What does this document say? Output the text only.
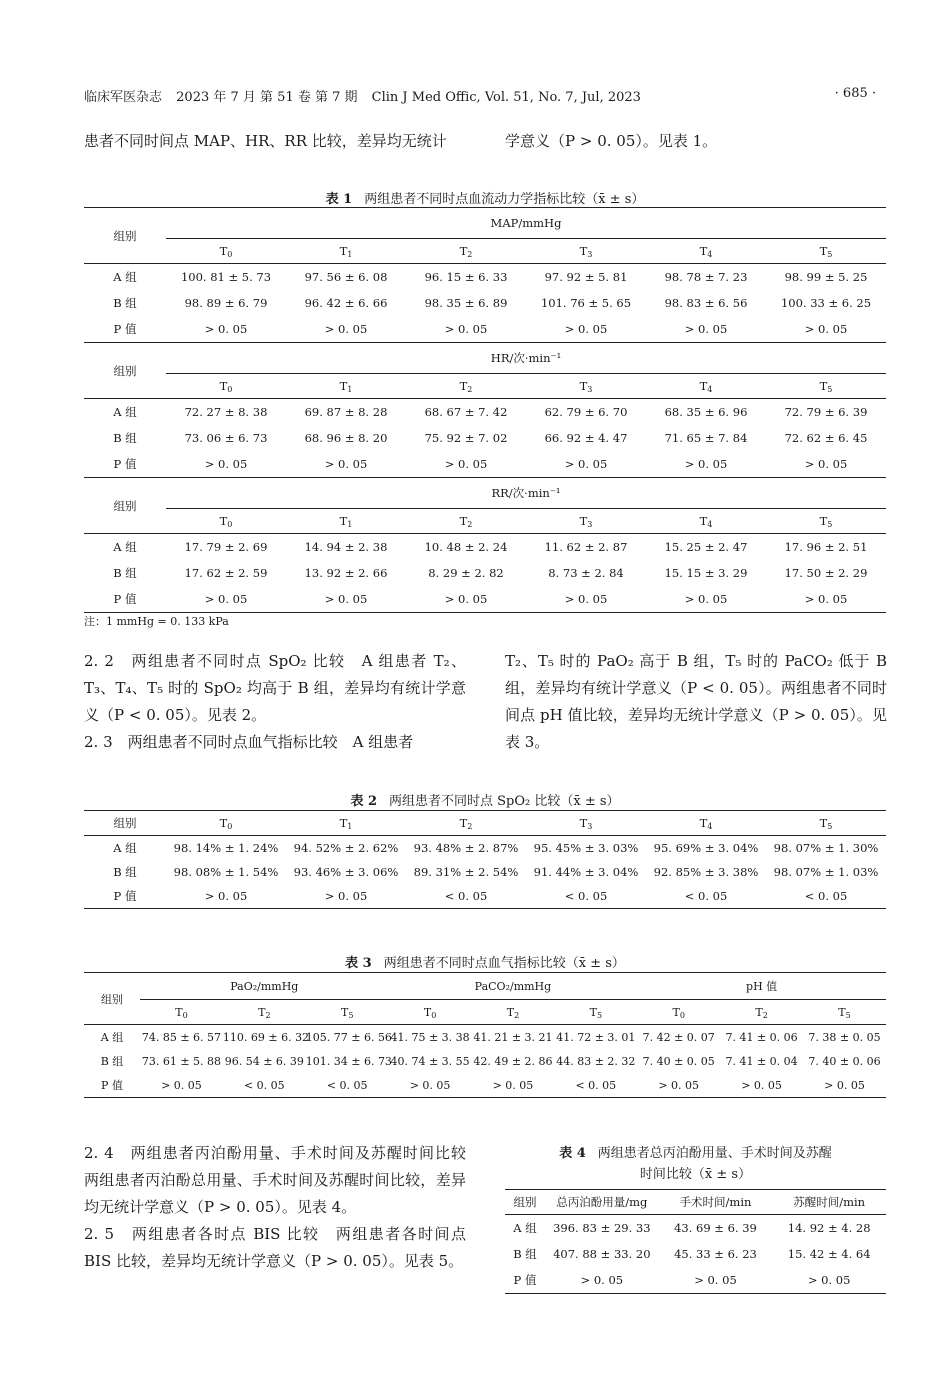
临床军医杂志 2023 年 7 月 第 51 卷 第 7 期 Clin J Med Offic, Vol. 51, No. 7, Jul, 2023	· 685 ·
患者不同时间点 MAP、HR、RR 比较，差异均无统计	学意义（P > 0. 05）。见表 1。
表 1 两组患者不同时点血流动力学指标比较（x̄ ± s）
组别	MAP/mmHg					
	$T_0$	$T_1$	$T_2$	$T_3$	$T_4$	$T_5$
A 组	100. 81 ± 5. 73	97. 56 ± 6. 08	96. 15 ± 6. 33	97. 92 ± 5. 81	98. 78 ± 7. 23	98. 99 ± 5. 25
B 组	98. 89 ± 6. 79	96. 42 ± 6. 66	98. 35 ± 6. 89	101. 76 ± 5. 65	98. 83 ± 6. 56	100. 33 ± 6. 25
P 值	> 0. 05	> 0. 05	> 0. 05	> 0. 05	> 0. 05	> 0. 05
组别	HR/次·min⁻¹					
	$T_0$	$T_1$	$T_2$	$T_3$	$T_4$	$T_5$
A 组	72. 27 ± 8. 38	69. 87 ± 8. 28	68. 67 ± 7. 42	62. 79 ± 6. 70	68. 35 ± 6. 96	72. 79 ± 6. 39
B 组	73. 06 ± 6. 73	68. 96 ± 8. 20	75. 92 ± 7. 02	66. 92 ± 4. 47	71. 65 ± 7. 84	72. 62 ± 6. 45
P 值	> 0. 05	> 0. 05	> 0. 05	> 0. 05	> 0. 05	> 0. 05
组别	RR/次·min⁻¹					
	$T_0$	$T_1$	$T_2$	$T_3$	$T_4$	$T_5$
A 组	17. 79 ± 2. 69	14. 94 ± 2. 38	10. 48 ± 2. 24	11. 62 ± 2. 87	15. 25 ± 2. 47	17. 96 ± 2. 51
B 组	17. 62 ± 2. 59	13. 92 ± 2. 66	8. 29 ± 2. 82	8. 73 ± 2. 84	15. 15 ± 3. 29	17. 50 ± 2. 29
P 值	> 0. 05	> 0. 05	> 0. 05	> 0. 05	> 0. 05	> 0. 05
注：1 mmHg = 0. 133 kPa

2. 2　两组患者不同时点 SpO₂ 比较　A 组患者 T₂、T₃、T₄、T₅ 时的 SpO₂ 均高于 B 组，差异均有统计学意义（P < 0. 05）。见表 2。

2. 3　两组患者不同时点血气指标比较　A 组患者

T₂、T₅ 时的 PaO₂ 高于 B 组，T₅ 时的 PaCO₂ 低于 B 组，差异均有统计学意义（P < 0. 05）。两组患者不同时间点 pH 值比较，差异均无统计学意义（P > 0. 05）。见表 3。

表 2 两组患者不同时点 SpO₂ 比较（x̄ ± s）
组别	$T_0$	$T_1$	$T_2$	$T_3$	$T_4$	$T_5$
A 组	98. 14% ± 1. 24%	94. 52% ± 2. 62%	93. 48% ± 2. 87%	95. 45% ± 3. 03%	95. 69% ± 3. 04%	98. 07% ± 1. 30%
B 组	98. 08% ± 1. 54%	93. 46% ± 3. 06%	89. 31% ± 2. 54%	91. 44% ± 3. 04%	92. 85% ± 3. 38%	98. 07% ± 1. 03%
P 值	> 0. 05	> 0. 05	< 0. 05	< 0. 05	< 0. 05	< 0. 05
表 3 两组患者不同时点血气指标比较（x̄ ± s）
组别	PaO₂/mmHg			PaCO₂/mmHg			pH 值		
	$T_0$	$T_2$	$T_5$	$T_0$	$T_2$	$T_5$	$T_0$	$T_2$	$T_5$
A 组	74. 85 ± 6. 57	110. 69 ± 6. 32	105. 77 ± 6. 56	41. 75 ± 3. 38	41. 21 ± 3. 21	41. 72 ± 3. 01	7. 42 ± 0. 07	7. 41 ± 0. 06	7. 38 ± 0. 05
B 组	73. 61 ± 5. 88	96. 54 ± 6. 39	101. 34 ± 6. 73	40. 74 ± 3. 55	42. 49 ± 2. 86	44. 83 ± 2. 32	7. 40 ± 0. 05	7. 41 ± 0. 04	7. 40 ± 0. 06
P 值	> 0. 05	< 0. 05	< 0. 05	> 0. 05	> 0. 05	< 0. 05	> 0. 05	> 0. 05	> 0. 05

2. 4　两组患者丙泊酚用量、手术时间及苏醒时间比较　两组患者丙泊酚总用量、手术时间及苏醒时间比较，差异均无统计学意义（P > 0. 05）。见表 4。

2. 5　两组患者各时点 BIS 比较　两组患者各时间点 BIS 比较，差异均无统计学意义（P > 0. 05）。见表 5。

表 4 两组患者总丙泊酚用量、手术时间及苏醒
时间比较（x̄ ± s）
组别	总丙泊酚用量/mg	手术时间/min	苏醒时间/min
A 组	396. 83 ± 29. 33	43. 69 ± 6. 39	14. 92 ± 4. 28
B 组	407. 88 ± 33. 20	45. 33 ± 6. 23	15. 42 ± 4. 64
P 值	> 0. 05	> 0. 05	> 0. 05
